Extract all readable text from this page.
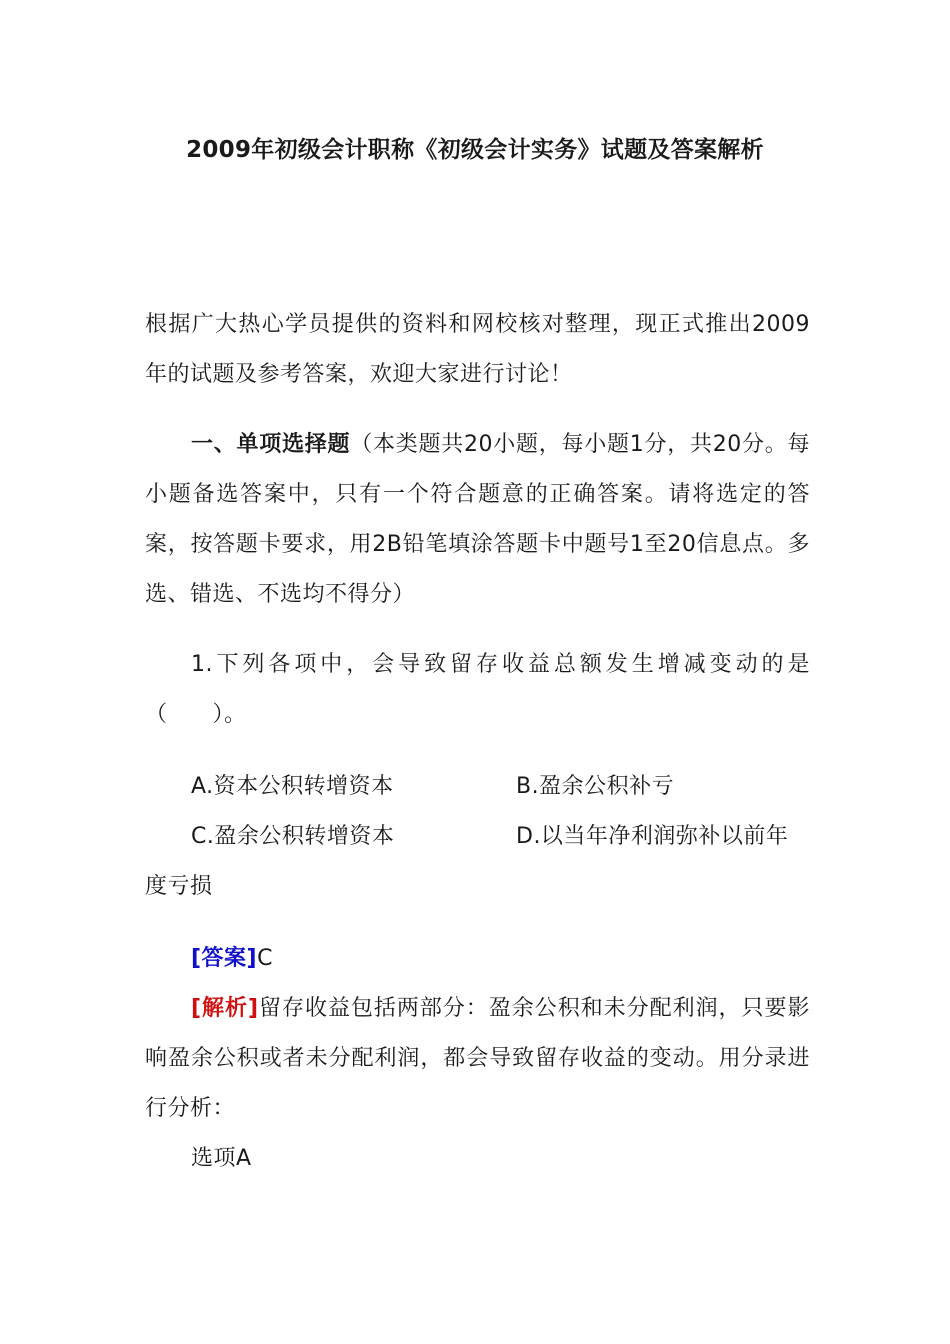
2009年初级会计职称《初级会计实务》试题及答案解析
根据广大热心学员提供的资料和网校核对整理，现正式推出2009年的试题及参考答案，欢迎大家进行讨论！
一、单项选择题（本类题共20小题，每小题1分，共20分。每小题备选答案中，只有一个符合题意的正确答案。请将选定的答案，按答题卡要求，用2B铅笔填涂答题卡中题号1至20信息点。多选、错选、不选均不得分）
1.下列各项中，会导致留存收益总额发生增减变动的是（　　）。
A.资本公积转增资本	B.盈余公积补亏
C.盈余公积转增资本	D.以当年净利润弥补以前年
度亏损
[答案]C
[解析]留存收益包括两部分：盈余公积和未分配利润，只要影响盈余公积或者未分配利润，都会导致留存收益的变动。用分录进行分析：
选项A
